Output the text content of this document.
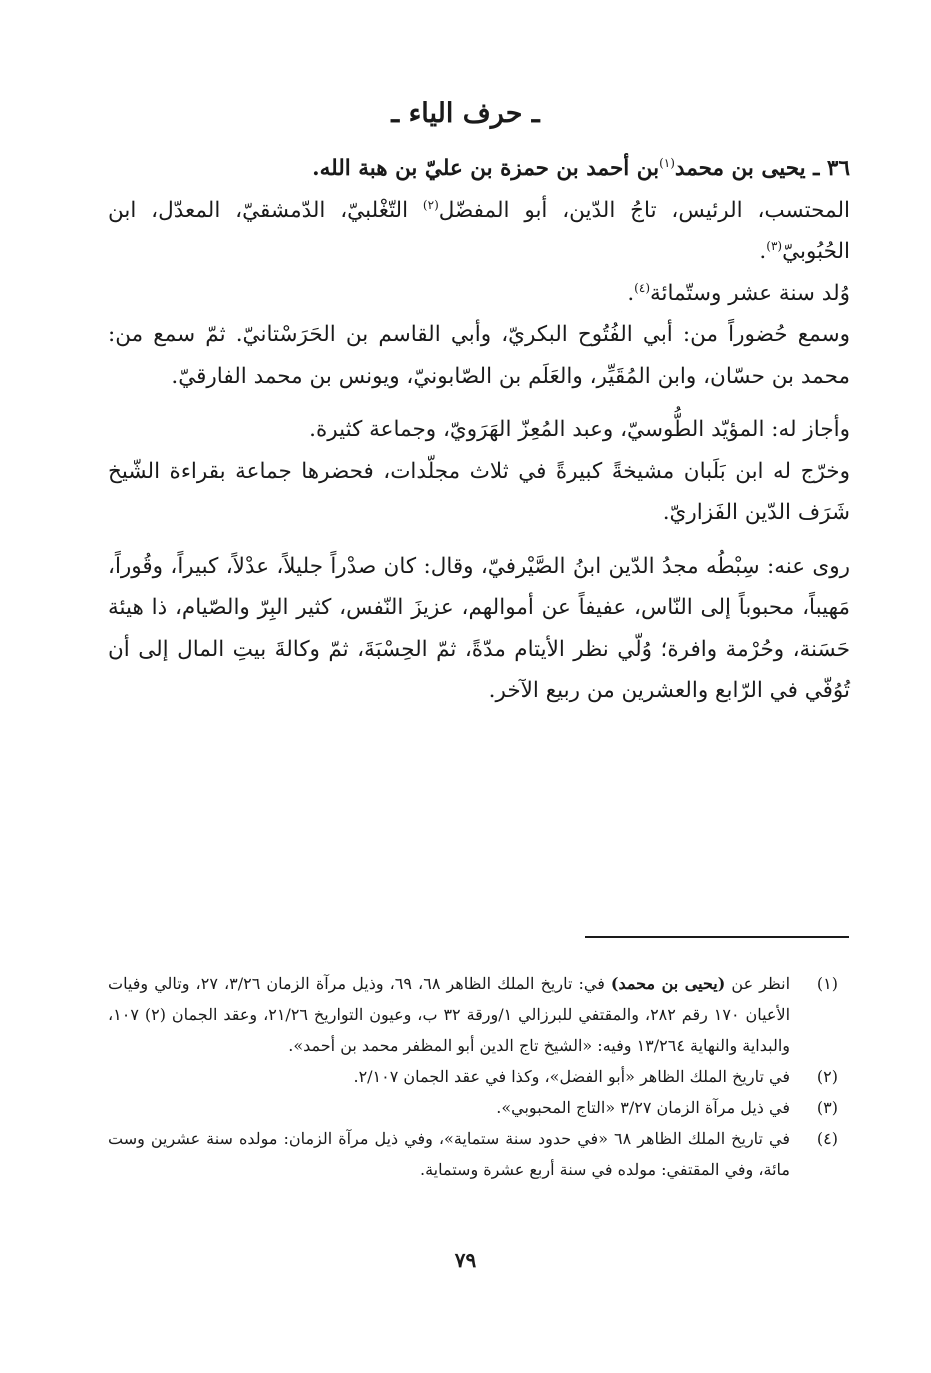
ـ حرف الياء ـ

٣٦ ـ يحيى بن محمد$^{(١)}$بن أحمد بن حمزة بن عليّ بن هبة الله.

المحتسب، الرئيس، تاجُ الدّين، أبو المفضّل$^{(٢)}$ التّغْلبيّ، الدّمشقيّ، المعدّل، ابن الحُبُوبيّ$^{(٣)}$.

وُلد سنة عشر وستّمائة$^{(٤)}$.

وسمع حُضوراً من: أبي الفُتُوح البكريّ، وأبي القاسم بن الحَرَسْتانيّ. ثمّ سمع من: محمد بن حسّان، وابن المُقَيِّر، والعَلَم بن الصّابونيّ، ويونس بن محمد الفارقيّ.

وأجاز له: المؤيّد الطُّوسيّ، وعبد المُعِزّ الهَرَويّ، وجماعة كثيرة.

وخرّج له ابن بَلَبان مشيخةً كبيرةً في ثلاث مجلّدات، فحضرها جماعة بقراءة الشّيخ شَرَف الدّين الفَزاريّ.

روى عنه: سِبْطُه مجدُ الدّين ابنُ الصَّيْرفيّ، وقال: كان صدْراً جليلاً، عدْلاً، كبيراً، وقُوراً، مَهيباً، محبوباً إلى النّاس، عفيفاً عن أموالهم، عزيزَ النّفس، كثير البِرّ والصّيام، ذا هيئة حَسَنة، وحُرْمة وافرة؛ وُلّي نظر الأيتام مدّةً، ثمّ الحِسْبَةَ، ثمّ وكالةَ بيتِ المال إلى أن تُوُفّي في الرّابع والعشرين من ربيع الآخر.

(١)
انظر عن (يحيى بن محمد) في: تاريخ الملك الظاهر ٦٨، ٦٩، وذيل مرآة الزمان ٣/٢٦، ٢٧، وتالي وفيات الأعيان ١٧٠ رقم ٢٨٢، والمقتفي للبرزالي ١/ورقة ٣٢ ب، وعيون التواريخ ٢١/٢٦، وعقد الجمان (٢) ١٠٧، والبداية والنهاية ١٣/٢٦٤ وفيه: «الشيخ تاج الدين أبو المظفر محمد بن أحمد».
(٢)
في تاريخ الملك الظاهر «أبو الفضل»، وكذا في عقد الجمان ٢/١٠٧.
(٣)
في ذيل مرآة الزمان ٣/٢٧ «التاج المحبوبي».
(٤)
في تاريخ الملك الظاهر ٦٨ «في حدود سنة ستماية»، وفي ذيل مرآة الزمان: مولده سنة عشرين وست مائة، وفي المقتفي: مولده في سنة أربع عشرة وستماية.
٧٩
